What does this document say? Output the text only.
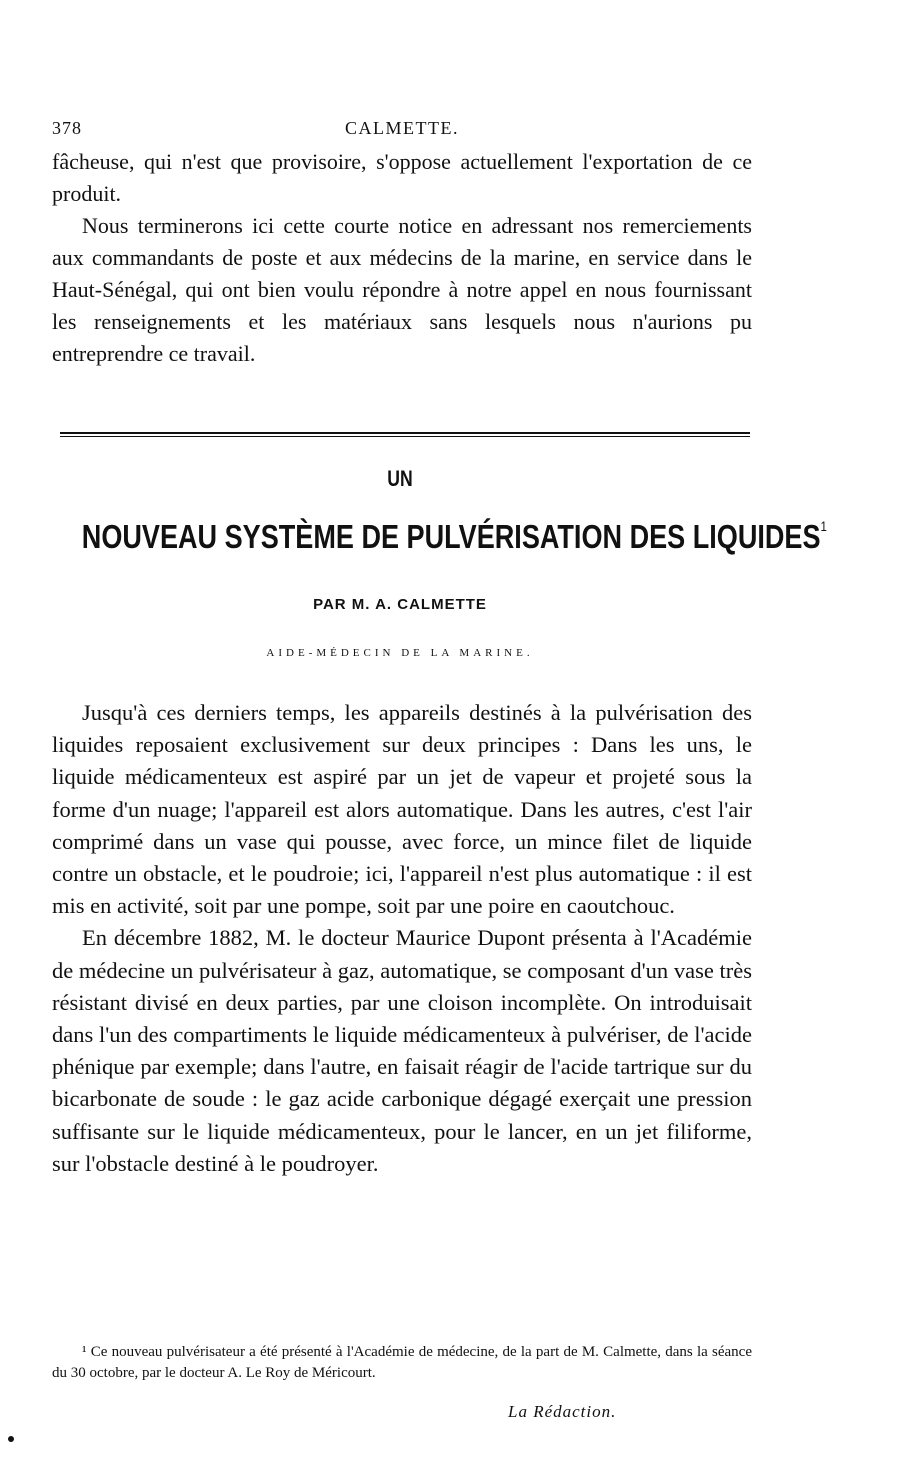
378	CALMETTE.

fâcheuse, qui n'est que provisoire, s'oppose actuellement l'exportation de ce produit.

Nous terminerons ici cette courte notice en adressant nos remerciements aux commandants de poste et aux médecins de la marine, en service dans le Haut-Sénégal, qui ont bien voulu répondre à notre appel en nous fournissant les renseignements et les matériaux sans lesquels nous n'aurions pu entreprendre ce travail.

UN
NOUVEAU SYSTÈME DE PULVÉRISATION DES LIQUIDES$^1$
PAR M. A. CALMETTE
AIDE-MÉDECIN DE LA MARINE.

Jusqu'à ces derniers temps, les appareils destinés à la pulvérisation des liquides reposaient exclusivement sur deux principes : Dans les uns, le liquide médicamenteux est aspiré par un jet de vapeur et projeté sous la forme d'un nuage; l'appareil est alors automatique. Dans les autres, c'est l'air comprimé dans un vase qui pousse, avec force, un mince filet de liquide contre un obstacle, et le poudroie; ici, l'appareil n'est plus automatique : il est mis en activité, soit par une pompe, soit par une poire en caoutchouc.

En décembre 1882, M. le docteur Maurice Dupont présenta à l'Académie de médecine un pulvérisateur à gaz, automatique, se composant d'un vase très résistant divisé en deux parties, par une cloison incomplète. On introduisait dans l'un des compartiments le liquide médicamenteux à pulvériser, de l'acide phénique par exemple; dans l'autre, en faisait réagir de l'acide tartrique sur du bicarbonate de soude : le gaz acide carbonique dégagé exerçait une pression suffisante sur le liquide médicamenteux, pour le lancer, en un jet filiforme, sur l'obstacle destiné à le poudroyer.

¹ Ce nouveau pulvérisateur a été présenté à l'Académie de médecine, de la part de M. Calmette, dans la séance du 30 octobre, par le docteur A. Le Roy de Méricourt.

La Rédaction.
